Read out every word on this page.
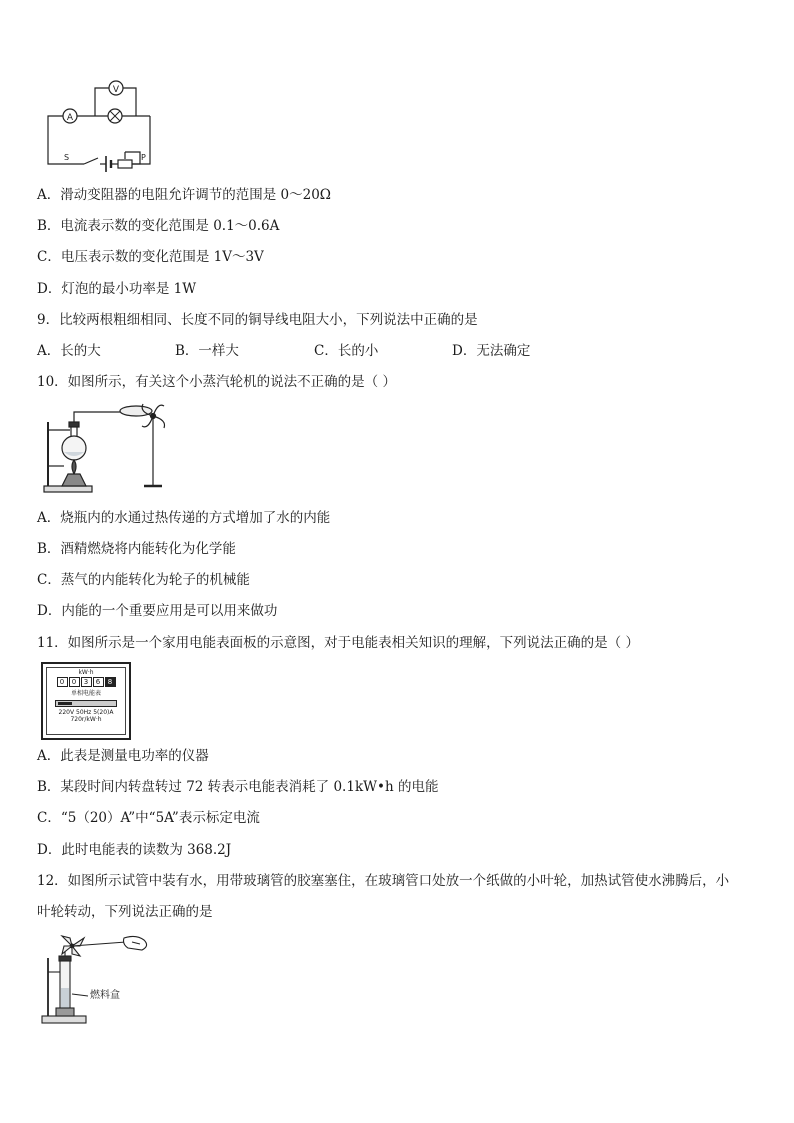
A
V
S	P

A．滑动变阻器的电阻允许调节的范围是 0～20Ω

B．电流表示数的变化范围是 0.1～0.6A

C．电压表示数的变化范围是 1V～3V

D．灯泡的最小功率是 1W

9．比较两根粗细相同、长度不同的铜导线电阻大小，下列说法中正确的是

A．长的大	B．一样大	C．长的小	D．无法确定

10．如图所示，有关这个小蒸汽轮机的说法不正确的是（ ）

A．烧瓶内的水通过热传递的方式增加了水的内能

B．酒精燃烧将内能转化为化学能

C．蒸气的内能转化为轮子的机械能

D．内能的一个重要应用是可以用来做功

11．如图所示是一个家用电能表面板的示意图，对于电能表相关知识的理解，下列说法正确的是（ ）

kW·h
0	0	3	6	8
单相电能表
220V 50Hz 5(20)A
720r/kW·h

A．此表是测量电功率的仪器

B．某段时间内转盘转过 72 转表示电能表消耗了 0.1kW•h 的电能

C．“5（20）A”中“5A”表示标定电流

D．此时电能表的读数为 368.2J

12．如图所示试管中装有水，用带玻璃管的胶塞塞住，在玻璃管口处放一个纸做的小叶轮，加热试管使水沸腾后，小

叶轮转动，下列说法正确的是

燃料盒
